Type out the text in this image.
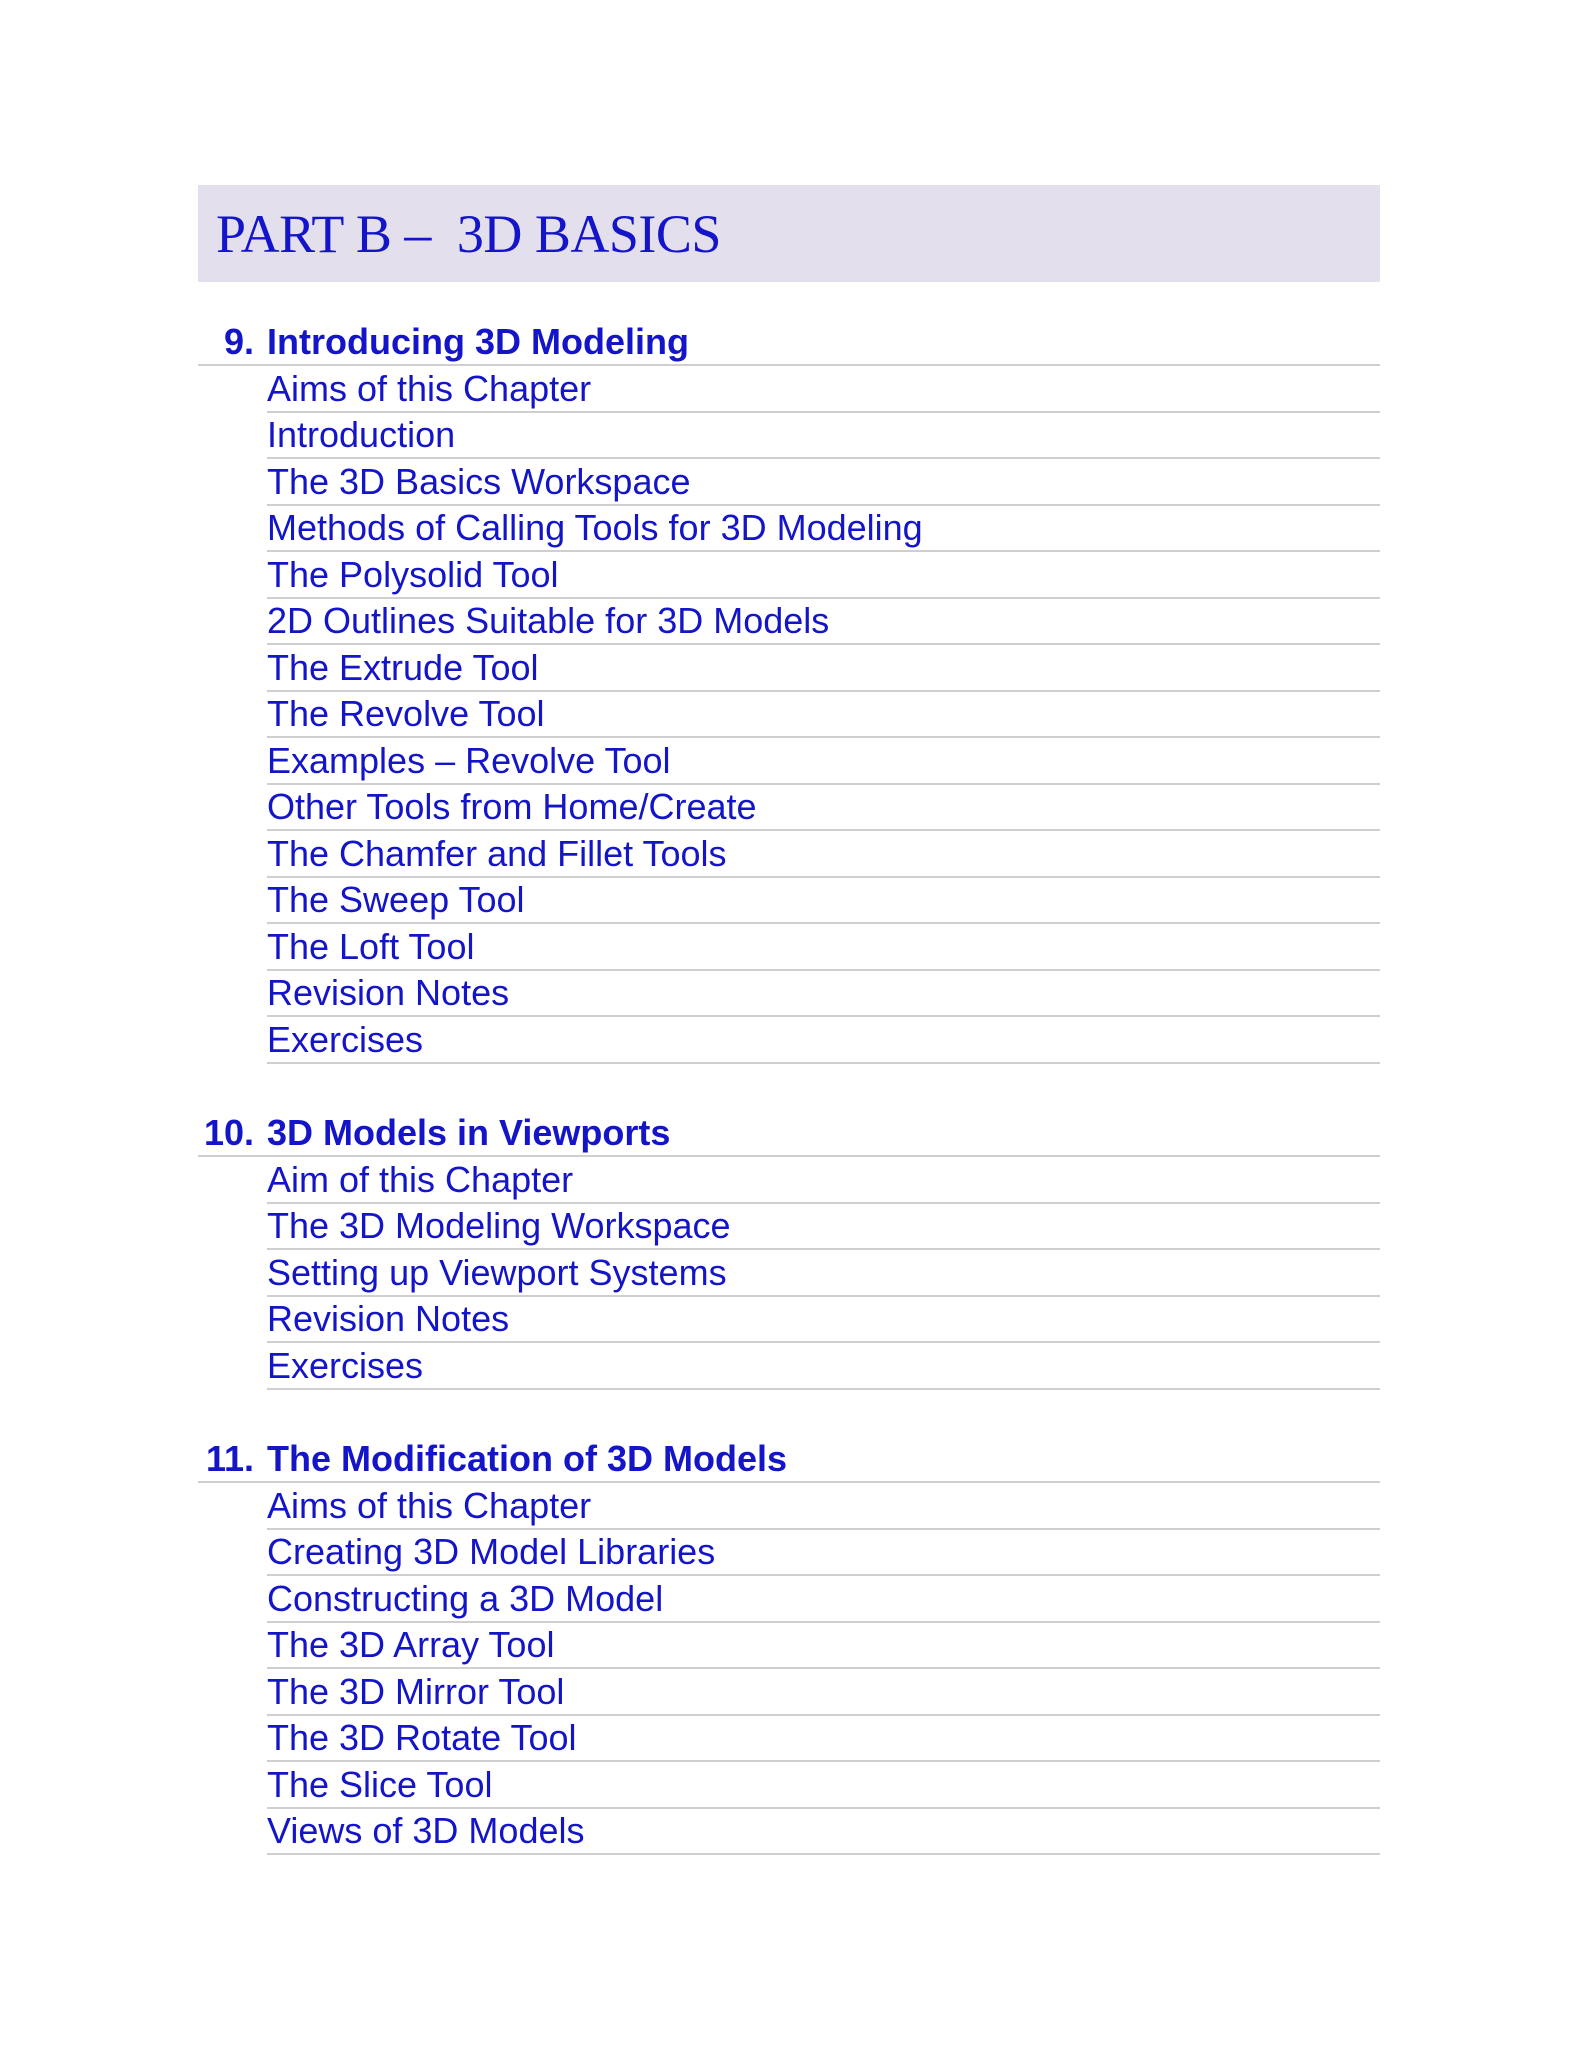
PART B –  3D BASICS
9. Introducing 3D Modeling
Aims of this Chapter
Introduction
The 3D Basics Workspace
Methods of Calling Tools for 3D Modeling
The Polysolid Tool
2D Outlines Suitable for 3D Models
The Extrude Tool
The Revolve Tool
Examples – Revolve Tool
Other Tools from Home/Create
The Chamfer and Fillet Tools
The Sweep Tool
The Loft Tool
Revision Notes
Exercises
10. 3D Models in Viewports
Aim of this Chapter
The 3D Modeling Workspace
Setting up Viewport Systems
Revision Notes
Exercises
11. The Modification of 3D Models
Aims of this Chapter
Creating 3D Model Libraries
Constructing a 3D Model
The 3D Array Tool
The 3D Mirror Tool
The 3D Rotate Tool
The Slice Tool
Views of 3D Models
